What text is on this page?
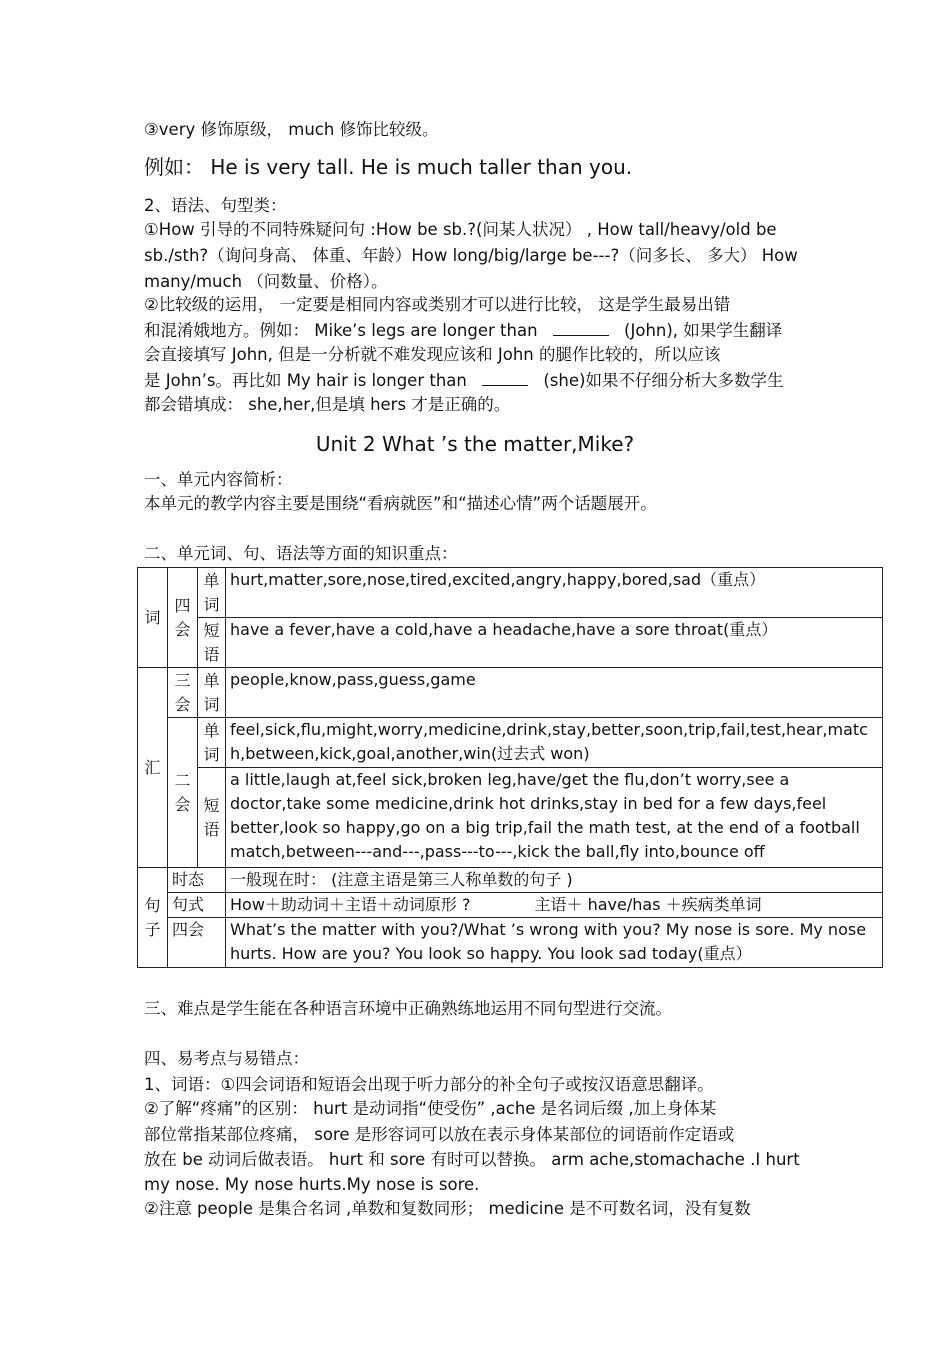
③very 修饰原级， much 修饰比较级。
例如： He is very tall. He is much taller than you.
2、语法、句型类：
①How 引导的不同特殊疑问句 :How be sb.?(问某人状况） , How tall/heavy/old be
sb./sth?（询问身高、 体重、年龄）How long/big/large be---?（问多长、 多大） How
many/much （问数量、价格）。
②比较级的运用， 一定要是相同内容或类别才可以进行比较， 这是学生最易出错
和混淆娥地方。例如： Mike’s legs are longer than	(John), 如果学生翻译
会直接填写 John, 但是一分析就不难发现应该和 John 的腿作比较的，所以应该
是 John’s。再比如 My hair is longer than	(she)如果不仔细分析大多数学生
都会错填成： she,her,但是填 hers 才是正确的。
Unit 2 What ’s the matter,Mike?
一、单元内容简析：
本单元的教学内容主要是围绕“看病就医”和“描述心情”两个话题展开。
二、单元词、句、语法等方面的知识重点：
词	四会	单词	hurt,matter,sore,nose,tired,excited,angry,happy,bored,sad（重点）
		短语	have a fever,have a cold,have a headache,have a sore throat(重点）
汇	三会	单词	people,know,pass,guess,game
	二会	单词	feel,sick,flu,might,worry,medicine,drink,stay,better,soon,trip,fail,test,hear,match,between,kick,goal,another,win(过去式 won)
		短语	a little,laugh at,feel sick,broken leg,have/get the flu,don’t worry,see a doctor,take some medicine,drink hot drinks,stay in bed for a few days,feel better,look so happy,go on a big trip,fail the math test, at the end of a football match,between---and---,pass---to---,kick the ball,fly into,bounce off
句子	时态		一般现在时： (注意主语是第三人称单数的句子 )
	句式		How＋助动词＋主语＋动词原形 ?　　　　主语＋ have/has ＋疾病类单词
	四会		What’s the matter with you?/What ’s wrong with you? My nose is sore. My nose hurts. How are you? You look so happy. You look sad today(重点）
三、难点是学生能在各种语言环境中正确熟练地运用不同句型进行交流。
四、易考点与易错点：
1、词语：①四会词语和短语会出现于听力部分的补全句子或按汉语意思翻译。
②了解“疼痛”的区别： hurt 是动词指“使受伤” ,ache 是名词后缀 ,加上身体某
部位常指某部位疼痛， sore 是形容词可以放在表示身体某部位的词语前作定语或
放在 be 动词后做表语。 hurt 和 sore 有时可以替换。 arm ache,stomachache .I hurt
my nose. My nose hurts.My nose is sore.
②注意 people 是集合名词 ,单数和复数同形； medicine 是不可数名词，没有复数
